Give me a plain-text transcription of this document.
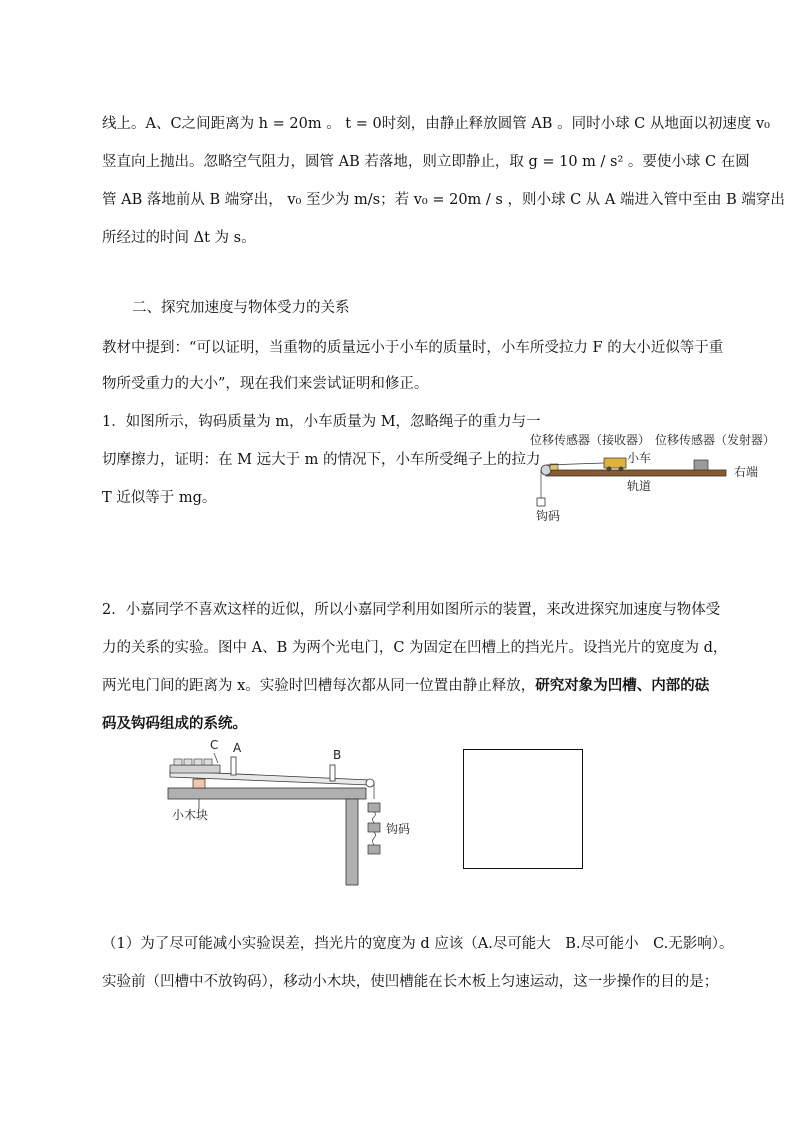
线上。A、C之间距离为 h = 20m 。 t = 0时刻，由静止释放圆管 AB 。同时小球 C 从地面以初速度 v₀
竖直向上抛出。忽略空气阻力，圆管 AB 若落地，则立即静止，取 g = 10 m / s² 。要使小球 C 在圆
管 AB 落地前从 B 端穿出， v₀ 至少为 m/s；若 v₀ = 20m / s ，则小球 C 从 A 端进入管中至由 B 端穿出
所经过的时间 Δt 为 s。
二、探究加速度与物体受力的关系
教材中提到：“可以证明，当重物的质量远小于小车的质量时，小车所受拉力 F 的大小近似等于重
物所受重力的大小”，现在我们来尝试证明和修正。
1．如图所示，钩码质量为 m，小车质量为 M，忽略绳子的重力与一
切摩擦力，证明：在 M 远大于 m 的情况下，小车所受绳子上的拉力
T 近似等于 mg。
位移传感器（接收器） 位移传感器（发射器）
小车
右端
轨道
钩码
2．小嘉同学不喜欢这样的近似，所以小嘉同学利用如图所示的装置，来改进探究加速度与物体受
力的关系的实验。图中 A、B 为两个光电门，C 为固定在凹槽上的挡光片。设挡光片的宽度为 d，
两光电门间的距离为 x。实验时凹槽每次都从同一位置由静止释放，研究对象为凹槽、内部的砝
码及钩码组成的系统。
C A	B
小木块
钩码
（1）为了尽可能减小实验误差，挡光片的宽度为 d 应该（A.尽可能大　B.尽可能小　C.无影响）。
实验前（凹槽中不放钩码），移动小木块，使凹槽能在长木板上匀速运动，这一步操作的目的是；
